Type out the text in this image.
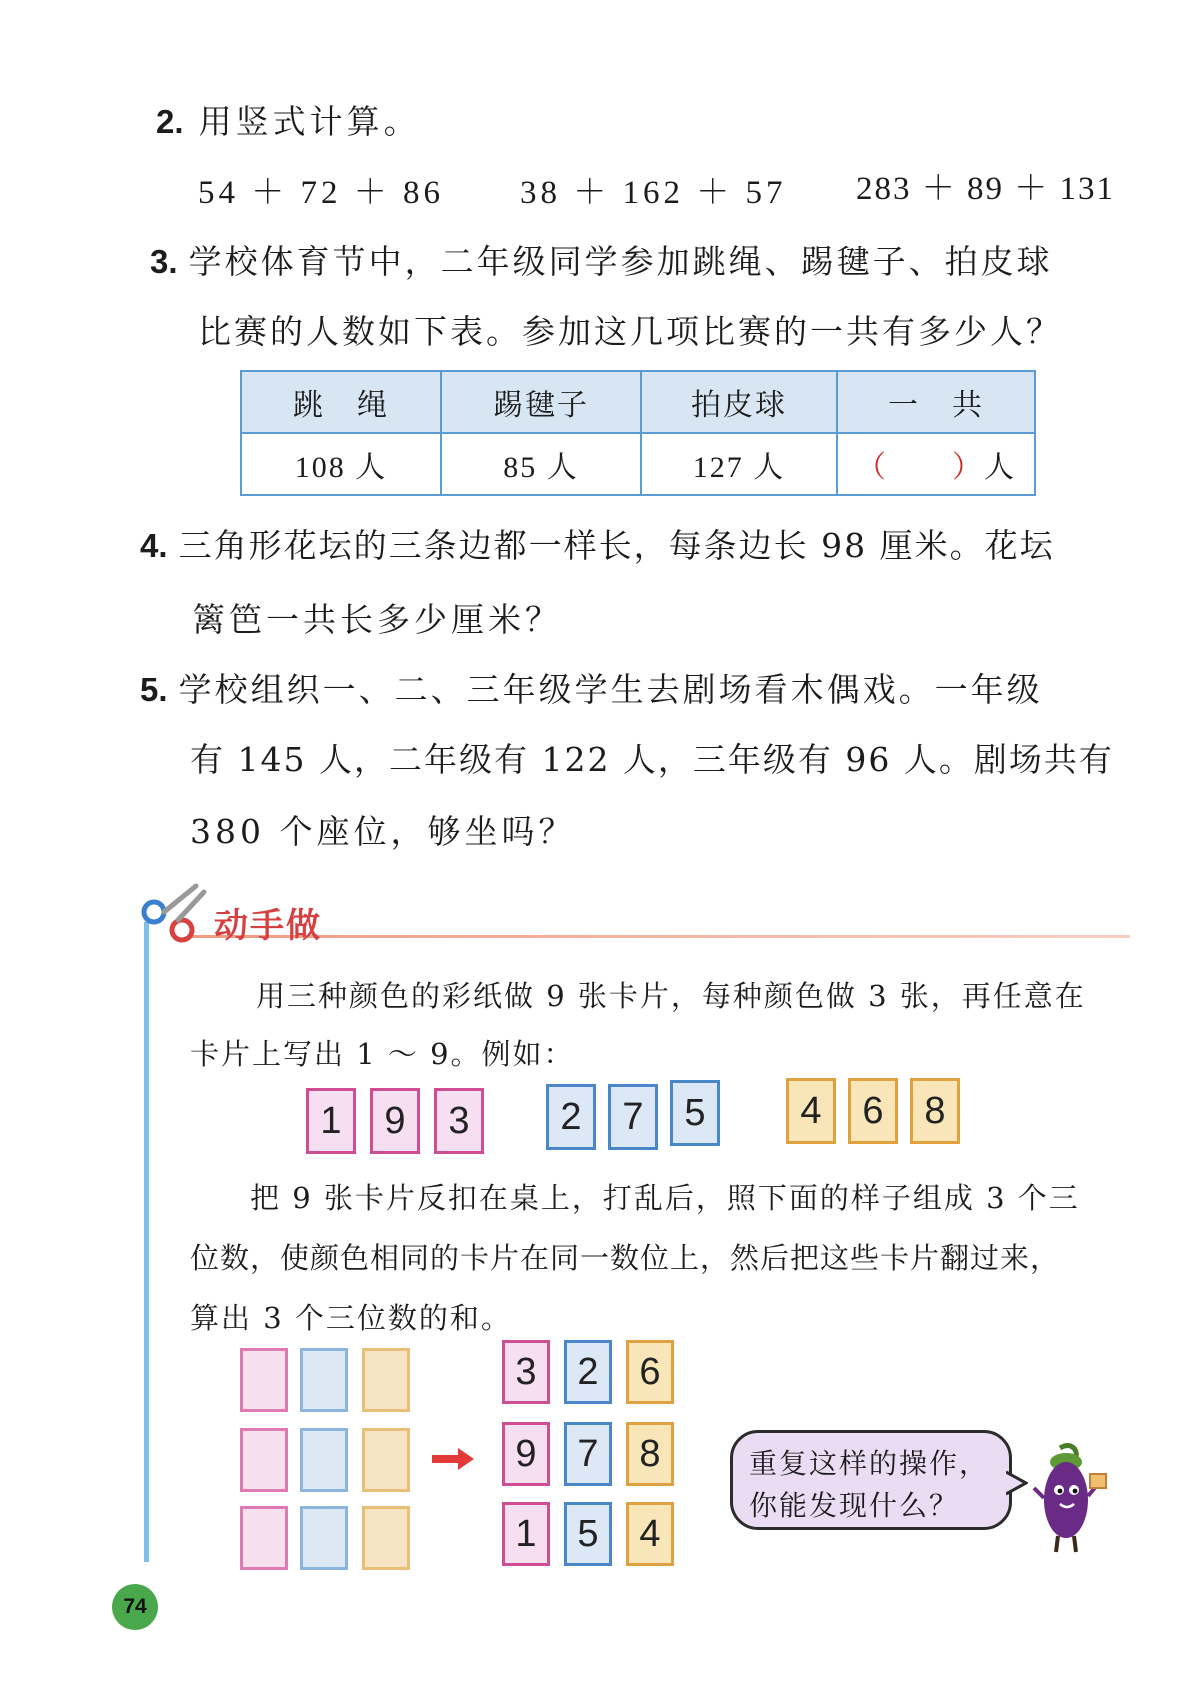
2. 用竖式计算。
54 ＋ 72 ＋ 86 38 ＋ 162 ＋ 57 283 ＋ 89 ＋ 131
3. 学校体育节中，二年级同学参加跳绳、踢毽子、拍皮球
比赛的人数如下表。参加这几项比赛的一共有多少人？
跳　绳	踢毽子	拍皮球	一　共
108 人	85 人	127 人	（　　） 人
4. 三角形花坛的三条边都一样长，每条边长 98 厘米。花坛
篱笆一共长多少厘米？
5. 学校组织一、二、三年级学生去剧场看木偶戏。一年级
有 145 人，二年级有 122 人，三年级有 96 人。剧场共有
380 个座位，够坐吗？
动手做
用三种颜色的彩纸做 9 张卡片，每种颜色做 3 张，再任意在
卡片上写出 1 ～ 9。例如：
1	9	3	2	7	5	4	6	8
把 9 张卡片反扣在桌上，打乱后，照下面的样子组成 3 个三
位数，使颜色相同的卡片在同一数位上，然后把这些卡片翻过来，
算出 3 个三位数的和。
3	2	6
9	7	8
1	5	4
重复这样的操作，
你能发现什么？
74
